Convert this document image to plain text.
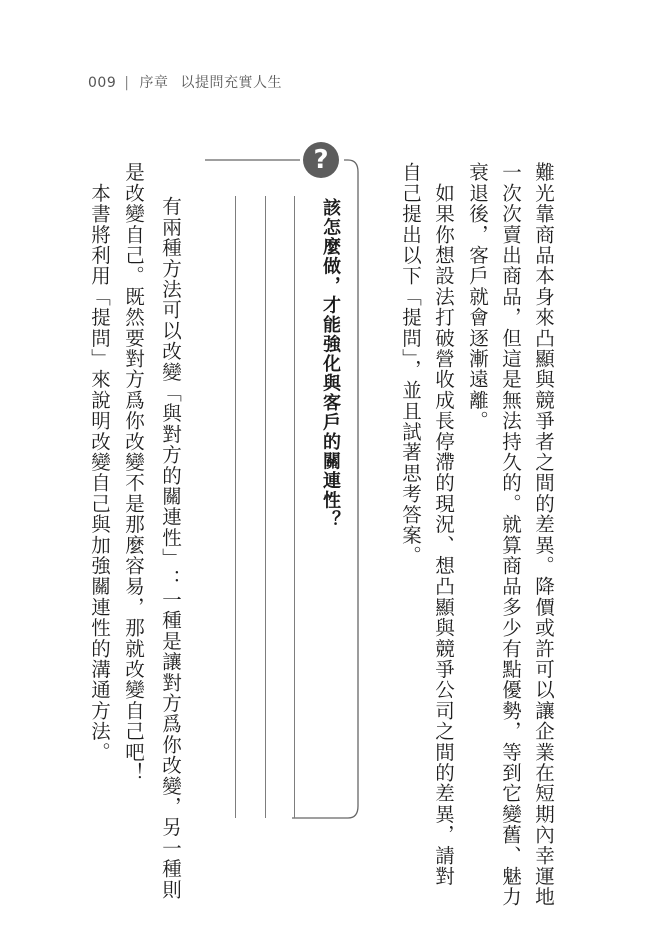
009 | 序章 以提問充實人生
難光靠商品本身來凸顯與競爭者之間的差異。降價或許可以讓企業在短期內幸運地
一次次賣出商品，但這是無法持久的。就算商品多少有點優勢，等到它變舊、魅力
衰退後，客戶就會逐漸遠離。
　如果你想設法打破營收成長停滯的現況、想凸顯與競爭公司之間的差異，請對
自己提出以下「提問」，並且試著思考答案。
?
該怎麼做，才能強化與客戶的關連性？
有兩種方法可以改變「與對方的關連性」：一種是讓對方爲你改變，另一種則
是改變自己。既然要對方爲你改變不是那麼容易，那就改變自己吧！
　本書將利用「提問」來說明改變自己與加強關連性的溝通方法。
